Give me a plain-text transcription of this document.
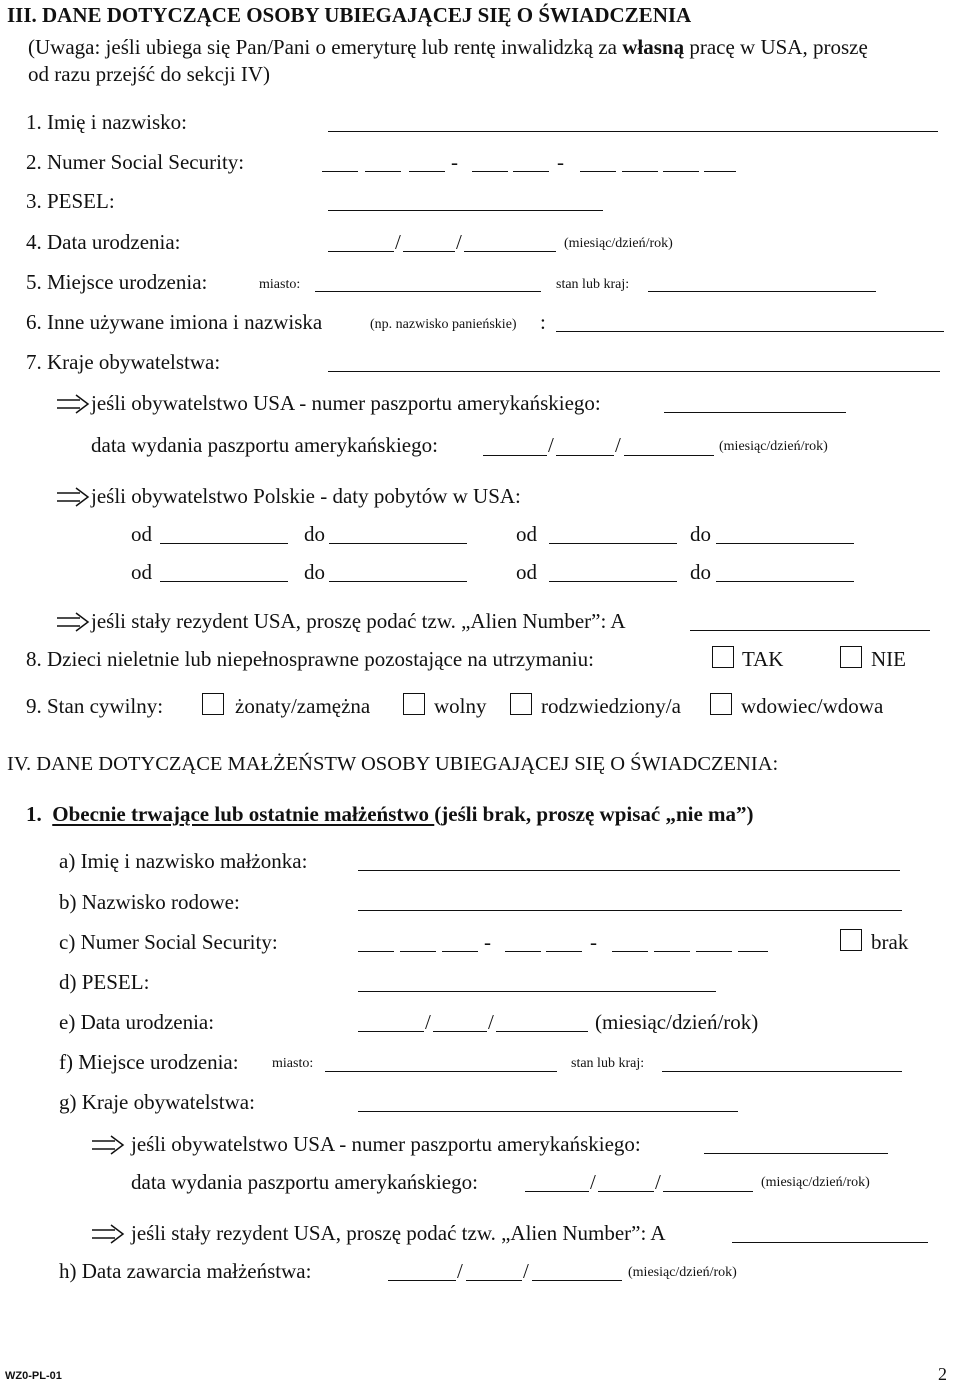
III. DANE DOTYCZĄCE OSOBY UBIEGAJĄCEJ SIĘ O ŚWIADCZENIA
(Uwaga: jeśli ubiega się Pan/Pani o emeryturę lub rentę inwalidzką za własną pracę w USA, proszę
od razu przejść do sekcji IV)
1. Imię i nazwisko:
2. Numer Social Security:	-	-
3. PESEL:
4. Data urodzenia:	/	/	(miesiąc/dzień/rok)
5. Miejsce urodzenia:	miasto:	stan lub kraj:
6. Inne używane imiona i nazwiska	(np. nazwisko panieńskie) :
7. Kraje obywatelstwa:
jeśli obywatelstwo USA - numer paszportu amerykańskiego:
data wydania paszportu amerykańskiego:	/	/	(miesiąc/dzień/rok)
jeśli obywatelstwo Polskie - daty pobytów w USA:
od	do	od	do
od	do	od	do
jeśli stały rezydent USA, proszę podać tzw. „Alien Number”: A
8. Dzieci nieletnie lub niepełnosprawne pozostające na utrzymaniu:	TAK	NIE
9. Stan cywilny:	żonaty/zamężna	wolny	rodzwiedziony/a	wdowiec/wdowa
IV. DANE DOTYCZĄCE MAŁŻEŃSTW OSOBY UBIEGAJĄCEJ SIĘ O ŚWIADCZENIA:
1. Obecnie trwające lub ostatnie małżeństwo (jeśli brak, proszę wpisać „nie ma”)
a) Imię i nazwisko małżonka:
b) Nazwisko rodowe:
c) Numer Social Security:	-	-	brak
d) PESEL:
e) Data urodzenia:	/	/	(miesiąc/dzień/rok)
f) Miejsce urodzenia: miasto:	stan lub kraj:
g) Kraje obywatelstwa:
jeśli obywatelstwo USA - numer paszportu amerykańskiego:
data wydania paszportu amerykańskiego:	/	/	(miesiąc/dzień/rok)
jeśli stały rezydent USA, proszę podać tzw. „Alien Number”: A
h) Data zawarcia małżeństwa:	/	/	(miesiąc/dzień/rok)
WZ0-PL-01	2
